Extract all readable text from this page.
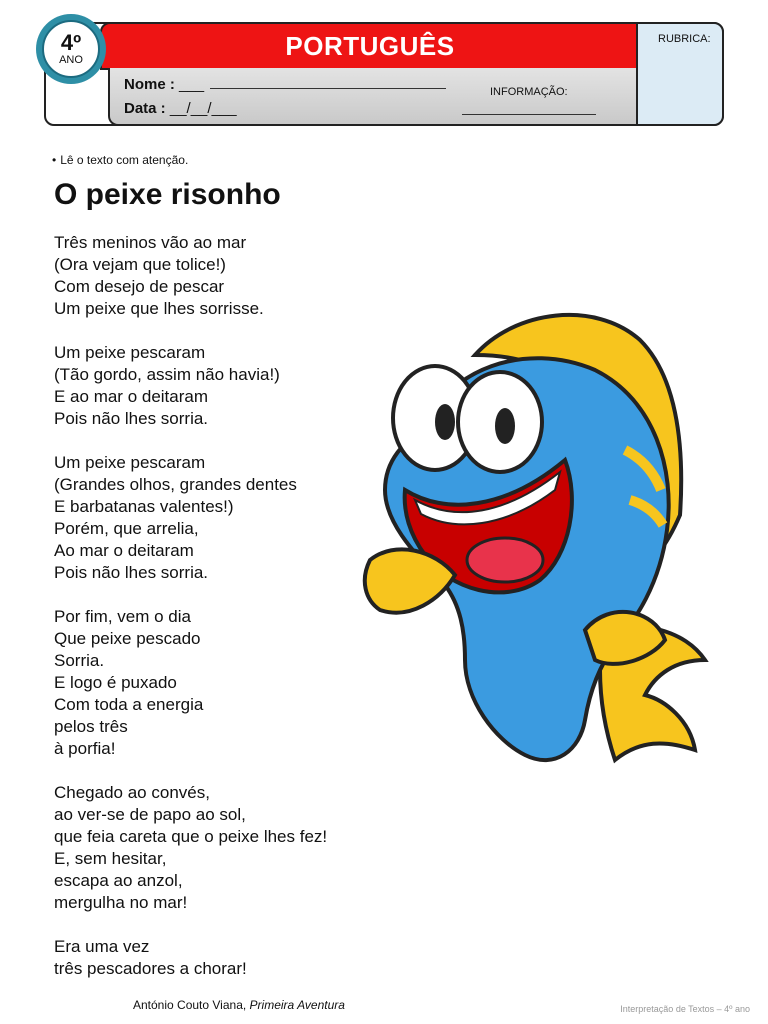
PORTUGUÊS
Nome : ___
Data : __/__/___
INFORMAÇÃO:
RUBRICA:
4º
ANO
• Lê o texto com atenção.
O peixe risonho
Três meninos vão ao mar
(Ora vejam que tolice!)
Com desejo de pescar
Um peixe que lhes sorrisse.
Um peixe pescaram
(Tão gordo, assim não havia!)
E ao mar o deitaram
Pois não lhes sorria.
Um peixe pescaram
(Grandes olhos, grandes dentes
E barbatanas valentes!)
Porém, que arrelia,
Ao mar o deitaram
Pois não lhes sorria.
Por fim, vem o dia
Que peixe pescado
Sorria.
E logo é puxado
Com toda a energia
pelos três
à porfia!
Chegado ao convés,
ao ver-se de papo ao sol,
que feia careta que o peixe lhes fez!
E, sem hesitar,
escapa ao anzol,
mergulha no mar!
Era uma vez
três pescadores a chorar!
António Couto Viana, Primeira Aventura	Interpretação de Textos – 4º ano
